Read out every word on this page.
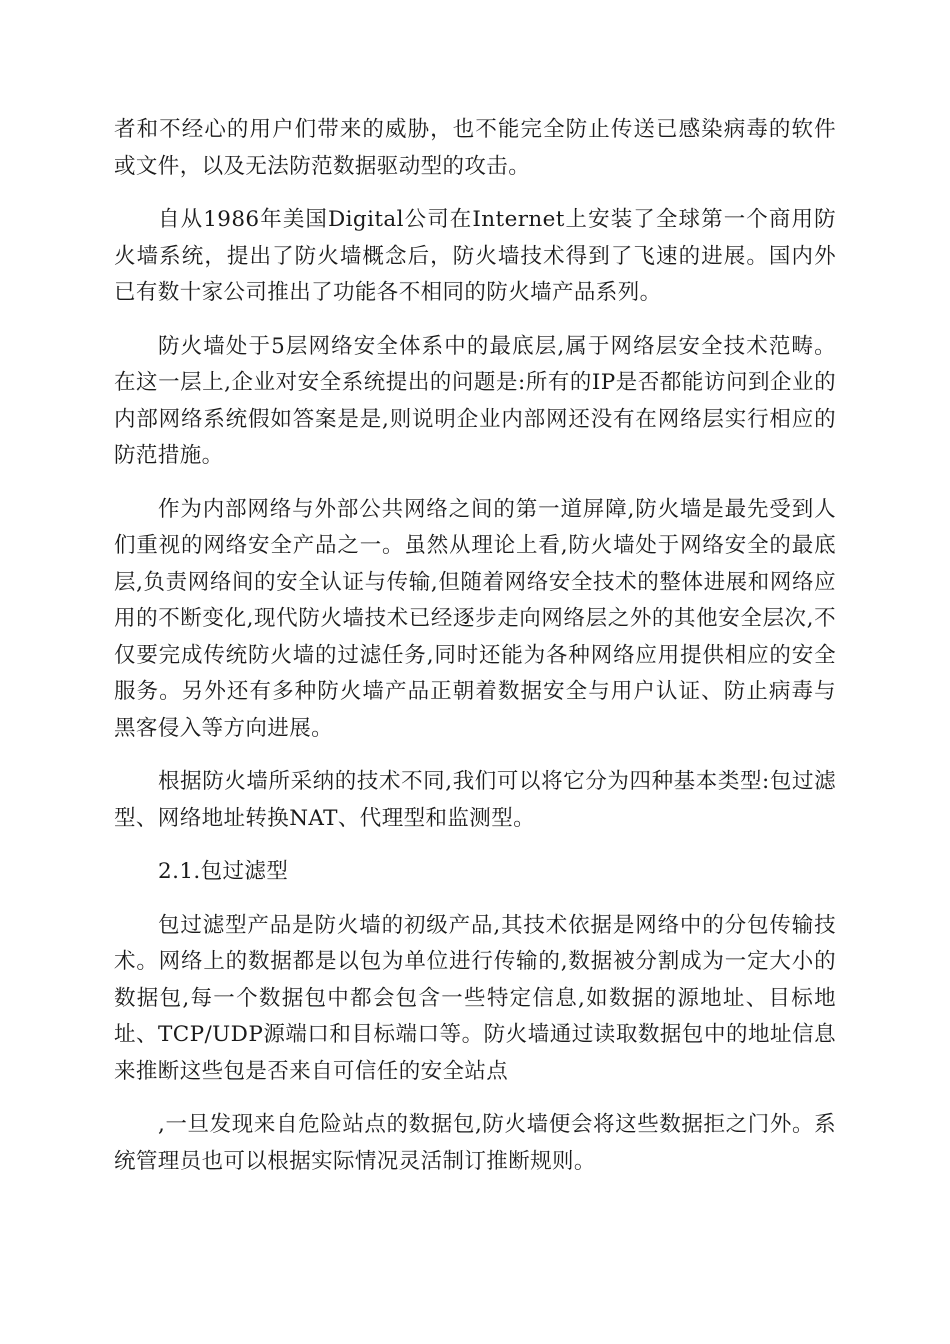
者和不经心的用户们带来的威胁，也不能完全防止传送已感染病毒的软件或文件，以及无法防范数据驱动型的攻击。

自从1986年美国Digital公司在Internet上安装了全球第一个商用防火墙系统，提出了防火墙概念后，防火墙技术得到了飞速的进展。国内外已有数十家公司推出了功能各不相同的防火墙产品系列。

防火墙处于5层网络安全体系中的最底层,属于网络层安全技术范畴。在这一层上,企业对安全系统提出的问题是:所有的IP是否都能访问到企业的内部网络系统假如答案是是,则说明企业内部网还没有在网络层实行相应的防范措施。

作为内部网络与外部公共网络之间的第一道屏障,防火墙是最先受到人们重视的网络安全产品之一。虽然从理论上看,防火墙处于网络安全的最底层,负责网络间的安全认证与传输,但随着网络安全技术的整体进展和网络应用的不断变化,现代防火墙技术已经逐步走向网络层之外的其他安全层次,不仅要完成传统防火墙的过滤任务,同时还能为各种网络应用提供相应的安全服务。另外还有多种防火墙产品正朝着数据安全与用户认证、防止病毒与黑客侵入等方向进展。

根据防火墙所采纳的技术不同,我们可以将它分为四种基本类型:包过滤型、网络地址转换NAT、代理型和监测型。

2.1.包过滤型

包过滤型产品是防火墙的初级产品,其技术依据是网络中的分包传输技术。网络上的数据都是以包为单位进行传输的,数据被分割成为一定大小的数据包,每一个数据包中都会包含一些特定信息,如数据的源地址、目标地址、TCP/UDP源端口和目标端口等。防火墙通过读取数据包中的地址信息来推断这些包是否来自可信任的安全站点

,一旦发现来自危险站点的数据包,防火墙便会将这些数据拒之门外。系统管理员也可以根据实际情况灵活制订推断规则。
